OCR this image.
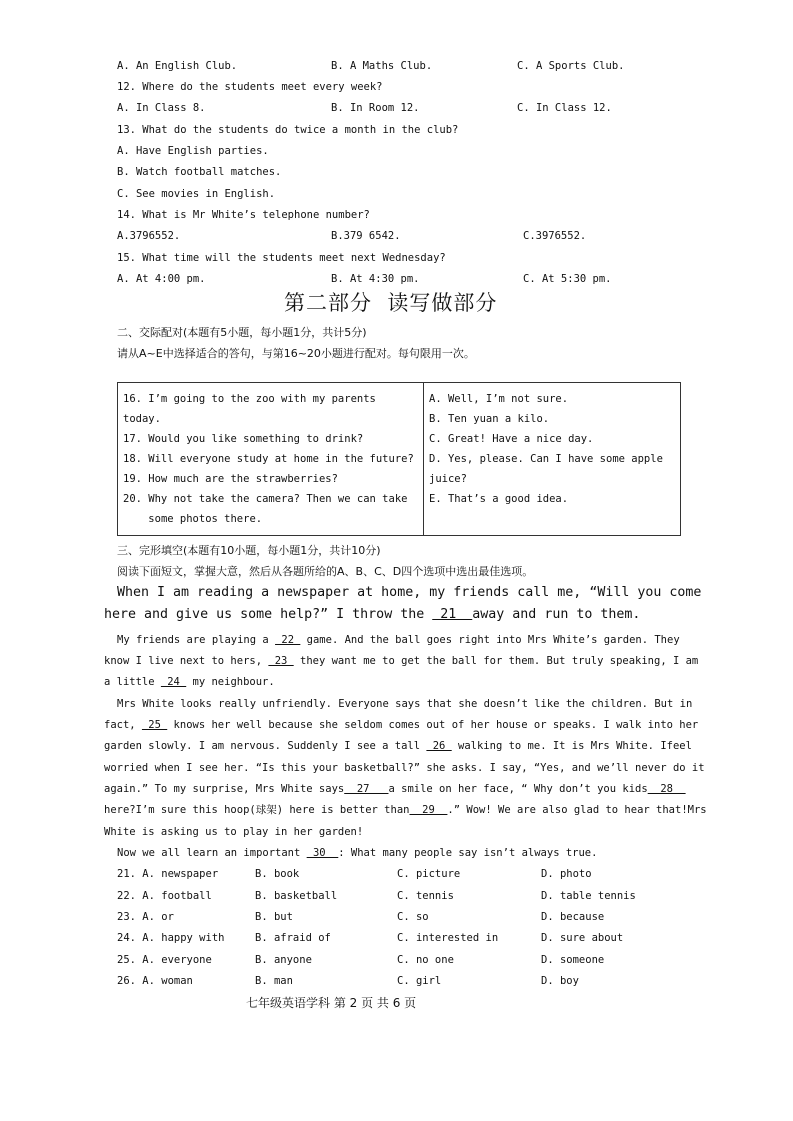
A. An English Club.	B. A Maths Club.	C. A Sports Club.
12. Where do the students meet every week?
A. In Class 8.	B. In Room 12.	C. In Class 12.
13. What do the students do twice a month in the club?
A. Have English parties.
B. Watch football matches.
C. See movies in English.
14. What is Mr White’s telephone number?
A.3796552.	B.379 6542.	C.3976552.
15. What time will the students meet next Wednesday?
A. At 4:00 pm.	B. At 4:30 pm.	C. At 5:30 pm.
第二部分  读写做部分
二、交际配对(本题有5小题，每小题1分，共计5分)
请从A~E中选择适合的答句，与第16~20小题进行配对。每句限用一次。
16. I’m going to the zoo with my parents today.
17. Would you like something to drink?
18. Will everyone study at home in the future?
19. How much are the strawberries?
20. Why not take the camera? Then we can take
some photos there.

A. Well, I’m not sure.
B. Ten yuan a kilo.
C. Great! Have a nice day.
D. Yes, please. Can I have some apple
juice?
E. That’s a good idea.
三、完形填空(本题有10小题，每小题1分，共计10分)
阅读下面短文，掌握大意，然后从各题所给的A、B、C、D四个选项中选出最佳选项。
When I am reading a newspaper at home, my friends call me, “Will you come
here and give us some help?” I throw the  21  away and run to them.
My friends are playing a  22  game. And the ball goes right into Mrs White’s garden. They
know I live next to hers,  23  they want me to get the ball for them. But truly speaking, I am
a little  24  my neighbour.
Mrs White looks really unfriendly. Everyone says that she doesn’t like the children. But in
fact,  25  knows her well because she seldom comes out of her house or speaks. I walk into her
garden slowly. I am nervous. Suddenly I see a tall  26  walking to me. It is Mrs White. Ifeel
worried when I see her. “Is this your basketball?” she asks. I say, “Yes, and we’ll never do it
again.” To my surprise, Mrs White says  27   a smile on her face, “ Why don’t you kids  28
here?I’m sure this hoop(球架) here is better than  29  .” Wow! We are also glad to hear that!Mrs
White is asking us to play in her garden!
Now we all learn an important  30  : What many people say isn’t always true.
21. A. newspaper	B. book	C. picture	D. photo
22. A. football	B. basketball	C. tennis	D. table tennis
23. A. or	B. but	C. so	D. because
24. A. happy with	B. afraid of	C. interested in	D. sure about
25. A. everyone	B. anyone	C. no one	D. someone
26. A. woman	B. man	C. girl	D. boy
七年级英语学科 第 2 页 共 6 页
